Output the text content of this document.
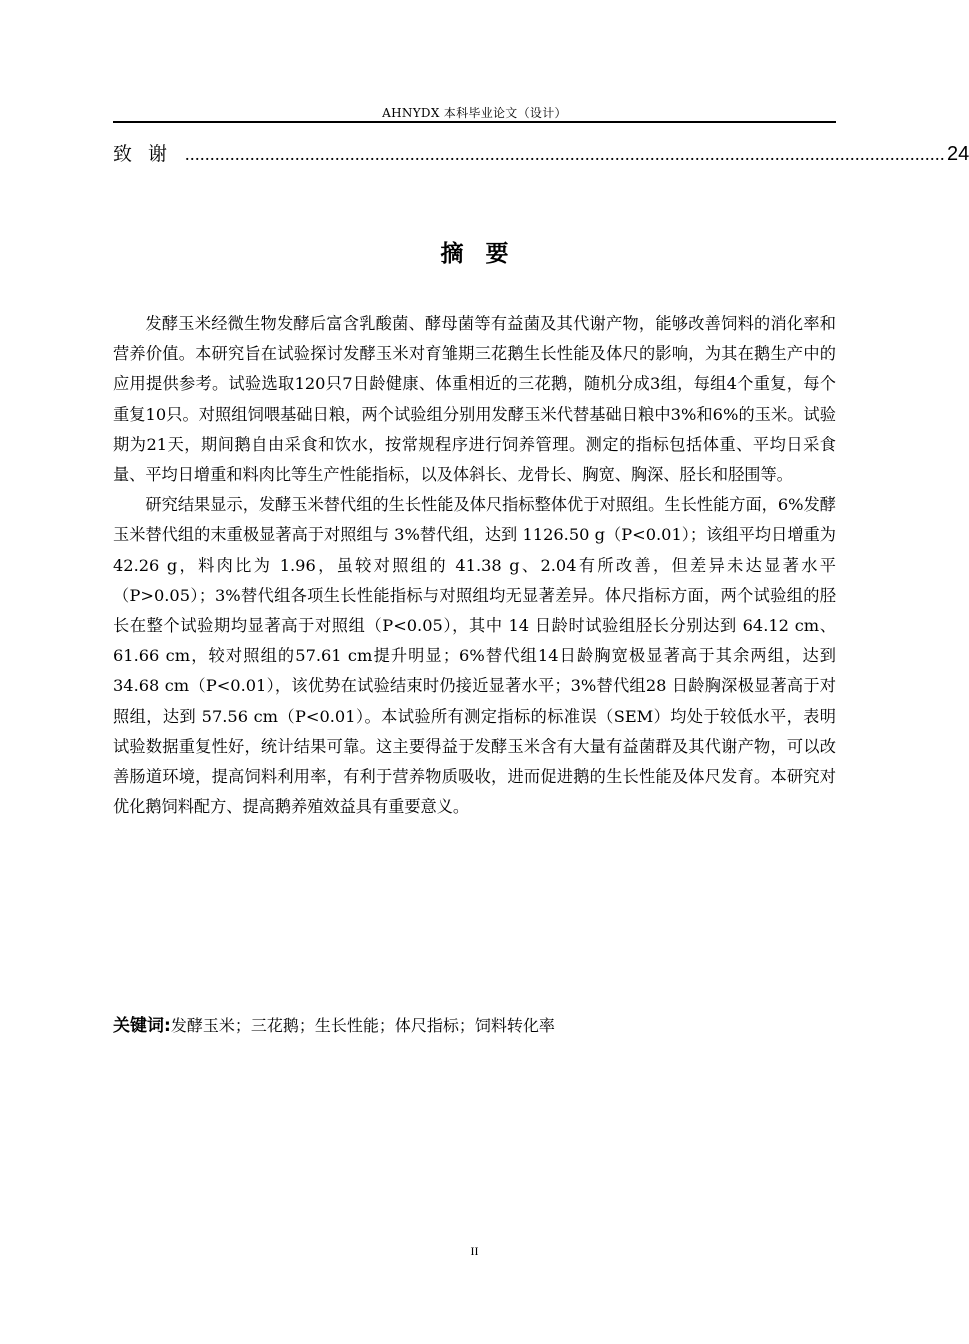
AHNYDX 本科毕业论文（设计）
致谢 ........................................................................................................................................................ 24
摘要

发酵玉米经微生物发酵后富含乳酸菌、酵母菌等有益菌及其代谢产物，能够改善饲料的消化率和营养价值。本研究旨在试验探讨发酵玉米对育雏期三花鹅生长性能及体尺的影响，为其在鹅生产中的应用提供参考。试验选取120只7日龄健康、体重相近的三花鹅，随机分成3组，每组4个重复，每个重复10只。对照组饲喂基础日粮，两个试验组分别用发酵玉米代替基础日粮中3%和6%的玉米。试验期为21天，期间鹅自由采食和饮水，按常规程序进行饲养管理。测定的指标包括体重、平均日采食量、平均日增重和料肉比等生产性能指标，以及体斜长、龙骨长、胸宽、胸深、胫长和胫围等。

研究结果显示，发酵玉米替代组的生长性能及体尺指标整体优于对照组。生长性能方面，6%发酵玉米替代组的末重极显著高于对照组与 3%替代组，达到 1126.50 g（P<0.01）；该组平均日增重为 42.26 g，料肉比为 1.96，虽较对照组的 41.38 g、2.04有所改善，但差异未达显著水平（P>0.05）；3%替代组各项生长性能指标与对照组均无显著差异。体尺指标方面，两个试验组的胫长在整个试验期均显著高于对照组（P<0.05），其中 14 日龄时试验组胫长分别达到 64.12 cm、61.66 cm，较对照组的57.61 cm提升明显；6%替代组14日龄胸宽极显著高于其余两组，达到 34.68 cm（P<0.01），该优势在试验结束时仍接近显著水平；3%替代组28 日龄胸深极显著高于对照组，达到 57.56 cm（P<0.01）。本试验所有测定指标的标准误（SEM）均处于较低水平，表明试验数据重复性好，统计结果可靠。这主要得益于发酵玉米含有大量有益菌群及其代谢产物，可以改善肠道环境，提高饲料利用率，有利于营养物质吸收，进而促进鹅的生长性能及体尺发育。本研究对优化鹅饲料配方、提高鹅养殖效益具有重要意义。

关键词:发酵玉米；三花鹅；生长性能；体尺指标；饲料转化率
II
